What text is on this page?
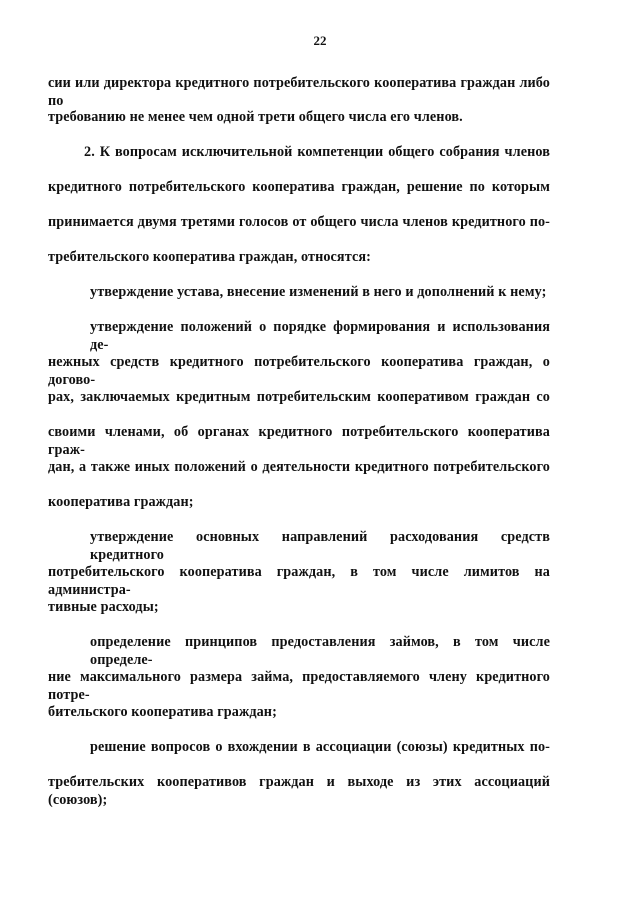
22
сии или директора кредитного потребительского кооператива граждан либо по
требованию не менее чем одной трети общего числа его членов.
2. К вопросам исключительной компетенции общего собрания членов
кредитного потребительского кооператива граждан, решение по которым
принимается двумя третями голосов от общего числа членов кредитного по-
требительского кооператива граждан, относятся:
утверждение устава, внесение изменений в него и дополнений к нему;
утверждение положений о порядке формирования и использования де-
нежных средств кредитного потребительского кооператива граждан, о догово-
рах, заключаемых кредитным потребительским кооперативом граждан со
своими членами, об органах кредитного потребительского кооператива граж-
дан, а также иных положений о деятельности кредитного потребительского
кооператива граждан;
утверждение основных направлений расходования средств кредитного
потребительского кооператива граждан, в том числе лимитов на администра-
тивные расходы;
определение принципов предоставления займов, в том числе определе-
ние максимального размера займа, предоставляемого члену кредитного потре-
бительского кооператива граждан;
решение вопросов о вхождении в ассоциации (союзы) кредитных по-
требительских кооперативов граждан и выходе из этих ассоциаций (союзов);
